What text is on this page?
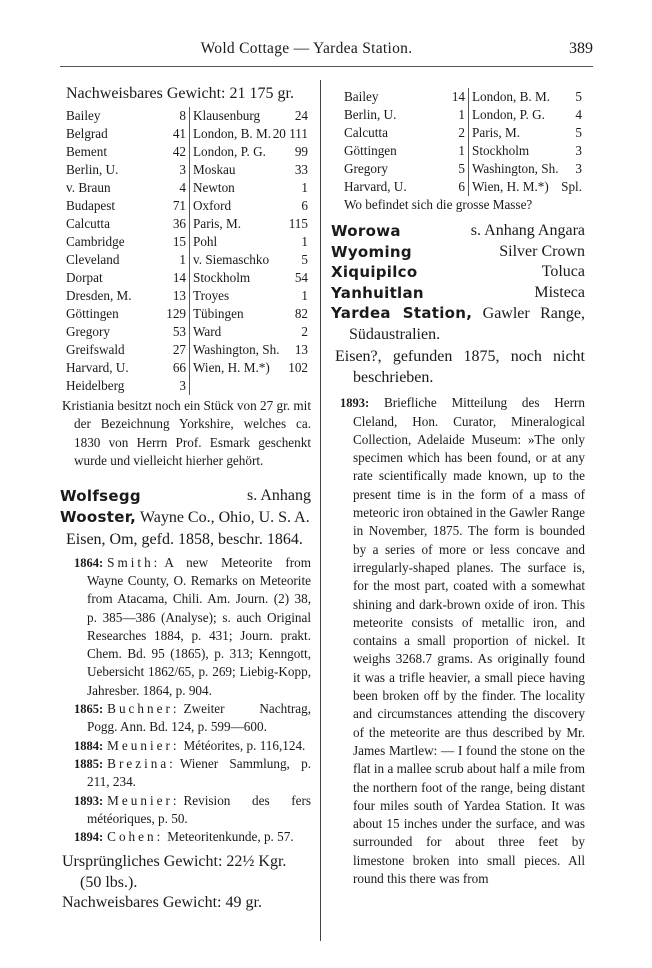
Wold Cottage — Yardea Station.	389
Nachweisbares Gewicht: 21 175 gr.
Bailey	8
Belgrad	41
Bement	42
Berlin, U.	3
v. Braun	4
Budapest	71
Calcutta	36
Cambridge	15
Cleveland	1
Dorpat	14
Dresden, M.	13
Göttingen	129
Gregory	53
Greifswald	27
Harvard, U.	66
Heidelberg	3
Klausenburg	24
London, B. M. 20 111
London, P. G. 99
Moskau	33
Newton	1
Oxford	6
Paris, M.	115
Pohl	1
v. Siemaschko 5
Stockholm	54
Troyes	1
Tübingen	82
Ward	2
Washington, Sh. 13
Wien, H. M.*) 102
Kristiania besitzt noch ein Stück von 27 gr. mit der Bezeichnung Yorkshire, welches ca. 1830 von Herrn Prof. Esmark geschenkt wurde und vielleicht hierher gehört.
Wolfsegg	s. Anhang
Wooster, Wayne Co., Ohio, U. S. A.
Eisen, Om, gefd. 1858, beschr. 1864.
1864: Smith: A new Meteorite from Wayne County, O. Remarks on Meteorite from Atacama, Chili. Am. Journ. (2) 38, p. 385—386 (Analyse); s. auch Original Researches 1884, p. 431; Journ. prakt. Chem. Bd. 95 (1865), p. 313; Kenngott, Uebersicht 1862/65, p. 269; Liebig-Kopp, Jahresber. 1864, p. 904.
1865: Buchner: Zweiter Nachtrag, Pogg. Ann. Bd. 124, p. 599—600.
1884: Meunier: Météorites, p. 116,124.
1885: Brezina: Wiener Sammlung, p. 211, 234.
1893: Meunier: Revision des fers météoriques, p. 50.
1894: Cohen: Meteoritenkunde, p. 57.
Ursprüngliches Gewicht: 22½ Kgr. (50 lbs.).
Nachweisbares Gewicht: 49 gr.
Bailey	14
Berlin, U.	1
Calcutta	2
Göttingen	1
Gregory	5
Harvard, U.	6
London, B. M. 5
London, P. G. 4
Paris, M.	5
Stockholm	3
Washington, Sh. 3
Wien, H. M.*) Spl.
Wo befindet sich die grosse Masse?
Worowa	s. Anhang Angara
Wyoming	Silver Crown
Xiquipilco	Toluca
Yanhuitlan	Misteca
Yardea Station, Gawler Range, Südaustralien.
Eisen?, gefunden 1875, noch nicht beschrieben.
1893: Briefliche Mitteilung des Herrn Cleland, Hon. Curator, Mineralogical Collection, Adelaide Museum: »The only specimen which has been found, or at any rate scientifically made known, up to the present time is in the form of a mass of meteoric iron obtained in the Gawler Range in November, 1875. The form is bounded by a series of more or less concave and irregularly-shaped planes. The surface is, for the most part, coated with a somewhat shining and dark-brown oxide of iron. This meteorite consists of metallic iron, and contains a small proportion of nickel. It weighs 3268.7 grams. As originally found it was a trifle heavier, a small piece having been broken off by the finder. The locality and circumstances attending the discovery of the meteorite are thus described by Mr. James Martlew: — I found the stone on the flat in a mallee scrub about half a mile from the northern foot of the range, being distant four miles south of Yardea Station. It was about 15 inches under the surface, and was surrounded for about three feet by limestone broken into small pieces. All round this there was from
